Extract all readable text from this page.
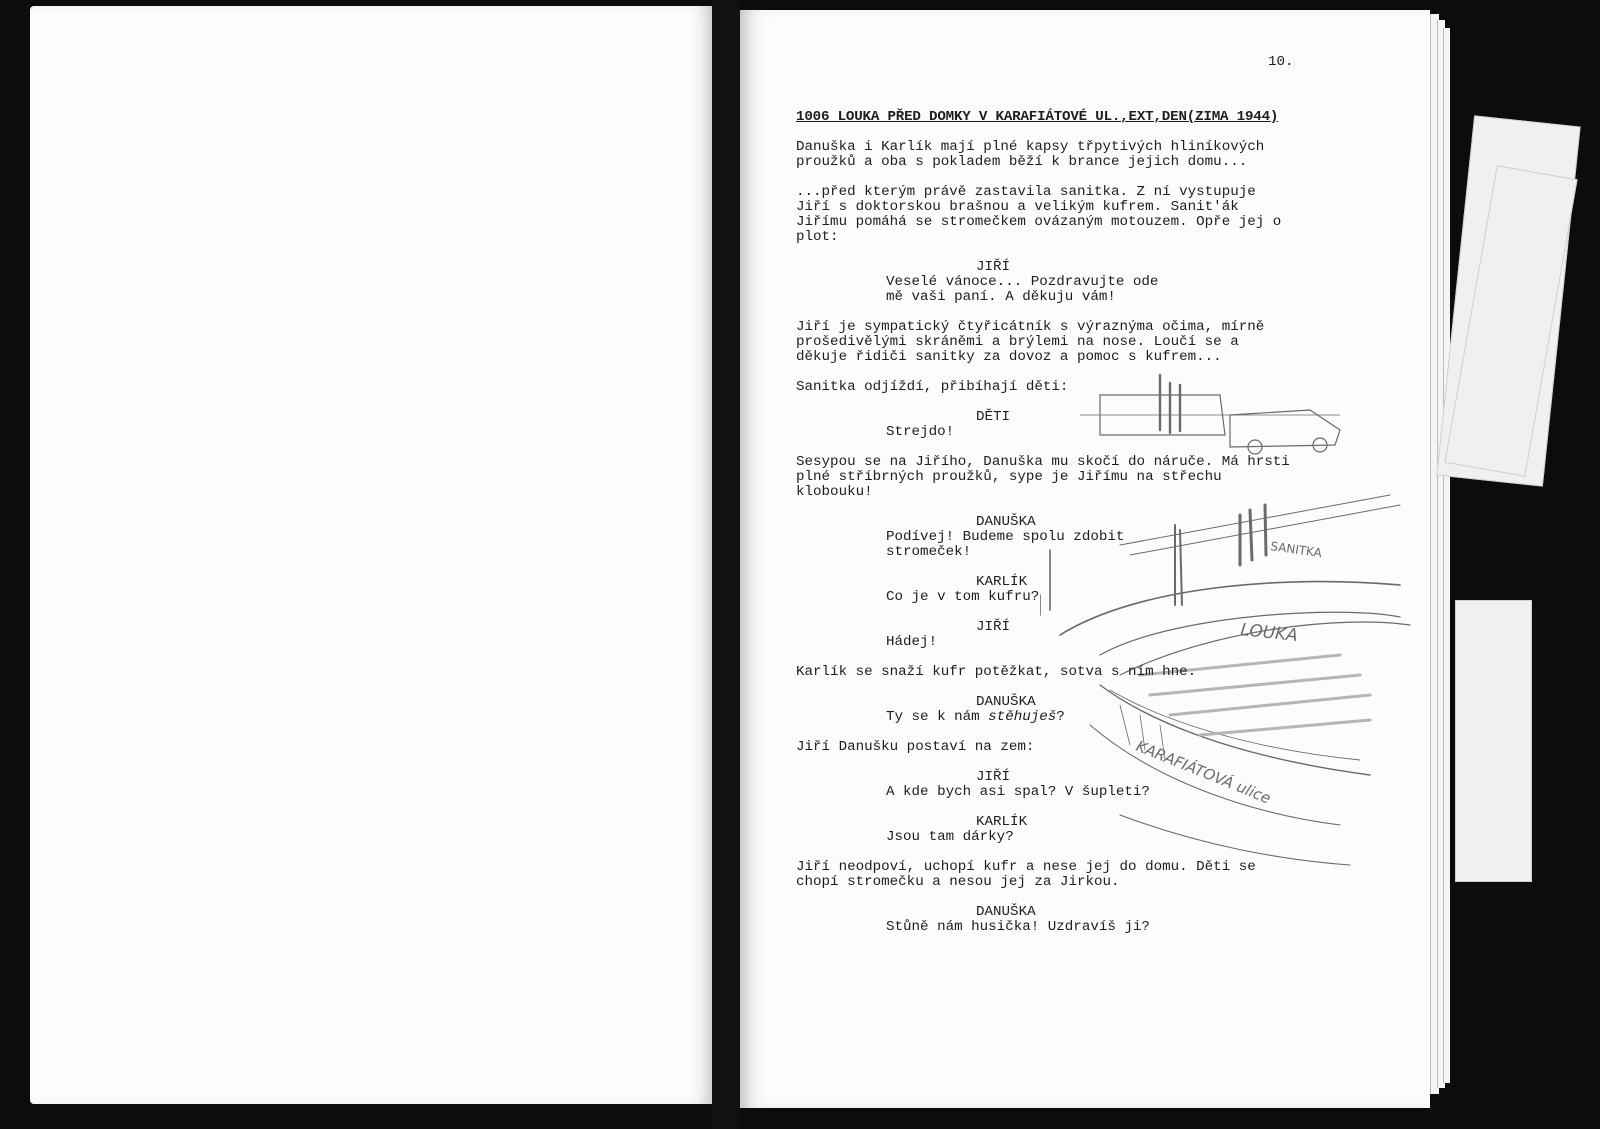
SANITKA
LOUKA
KARAFIÁTOVÁ ulice
10.
1006 LOUKA PŘED DOMKY V KARAFIÁTOVÉ UL.,EXT,DEN(ZIMA 1944)
Danuška i Karlík mají plné kapsy třpytivých hliníkových
proužků a oba s pokladem běží k brance jejich domu...
...před kterým právě zastavila sanitka. Z ní vystupuje
Jiří s doktorskou brašnou a velikým kufrem. Sanit'ák
Jiřímu pomáhá se stromečkem ovázaným motouzem. Opře jej o
plot:
JIŘÍ
Veselé vánoce... Pozdravujte ode
mě vaši paní. A děkuju vám!
Jiří je sympatický čtyřicátník s výraznýma očima, mírně
prošedivělými skráněmi a brýlemi na nose. Loučí se a
děkuje řidiči sanitky za dovoz a pomoc s kufrem...
Sanitka odjíždí, přibíhají děti:
DĚTI
Strejdo!
Sesypou se na Jiřího, Danuška mu skočí do náruče. Má hrsti
plné stříbrných proužků, sype je Jiřímu na střechu
klobouku!
DANUŠKA
Podívej! Budeme spolu zdobit
stromeček!
KARLÍK
Co je v tom kufru?
JIŘÍ
Hádej!
Karlík se snaží kufr potěžkat, sotva s ním hne.
DANUŠKA
Ty se k nám stěhuješ?
Jiří Danušku postaví na zem:
JIŘÍ
A kde bych asi spal? V šupleti?
KARLÍK
Jsou tam dárky?
Jiří neodpoví, uchopí kufr a nese jej do domu. Děti se
chopí stromečku a nesou jej za Jirkou.
DANUŠKA
Stůně nám husička! Uzdravíš ji?
